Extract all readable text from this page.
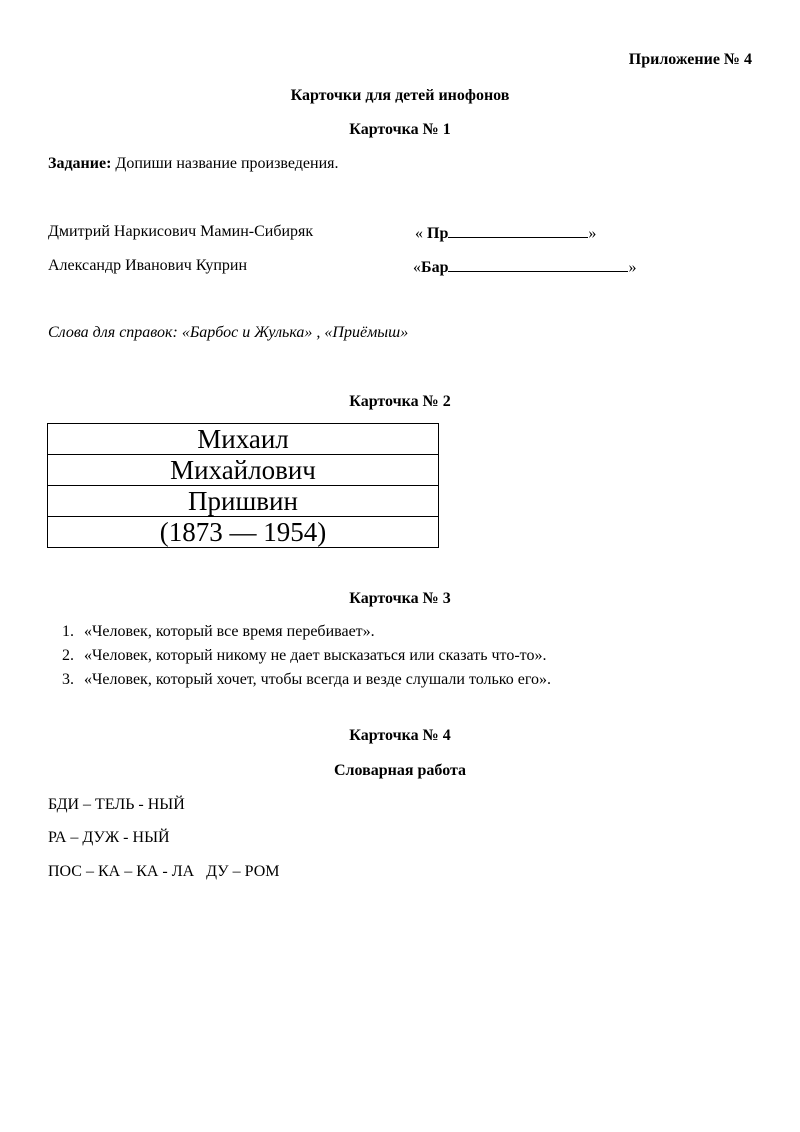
Приложение № 4
Карточки для детей инофонов
Карточка № 1
Задание: Допиши название произведения.
Дмитрий Наркисович Мамин-Сибиряк	« Пр	»
Александр Иванович Куприн	«Бар	»
Слова для справок: «Барбос и Жулька» , «Приёмыш»
Карточка № 2
Михаил
Михайлович
Пришвин
(1873 — 1954)
Карточка № 3
1. «Человек, который все время перебивает».
2. «Человек, который никому не дает высказаться или сказать что-то».
3. «Человек, который хочет, чтобы всегда и везде слушали только его».
Карточка № 4
Словарная работа
БДИ – ТЕЛЬ - НЫЙ
РА – ДУЖ - НЫЙ
ПОС – КА – КА - ЛА   ДУ – РОМ
